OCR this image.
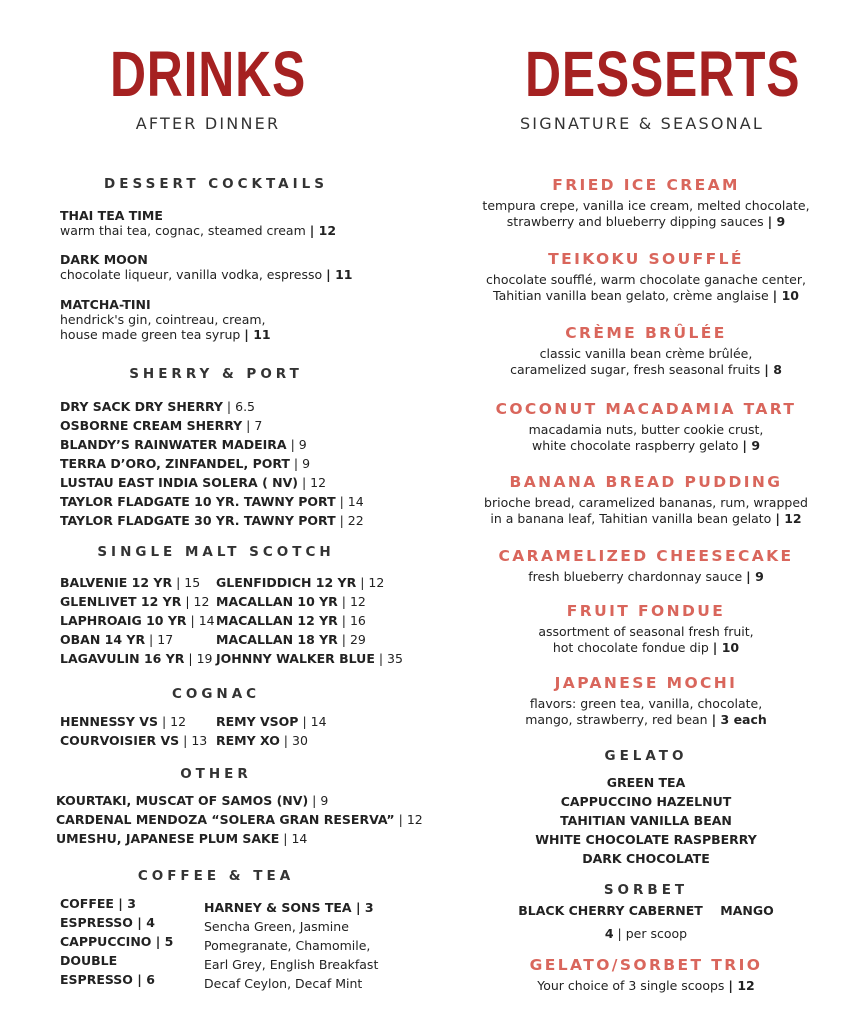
DRINKS
AFTER DINNER
DESSERT COCKTAILS
THAI TEA TIME
warm thai tea, cognac, steamed cream | 12
DARK MOON
chocolate liqueur, vanilla vodka, espresso | 11
MATCHA-TINI
hendrick's gin, cointreau, cream,
house made green tea syrup | 11
SHERRY & PORT
DRY SACK DRY SHERRY | 6.5
OSBORNE CREAM SHERRY | 7
BLANDY’S RAINWATER MADEIRA | 9
TERRA D’ORO, ZINFANDEL, PORT | 9
LUSTAU EAST INDIA SOLERA ( NV) | 12
TAYLOR FLADGATE 10 YR. TAWNY PORT | 14
TAYLOR FLADGATE 30 YR. TAWNY PORT | 22
SINGLE MALT SCOTCH
BALVENIE 12 YR | 15
GLENLIVET 12 YR | 12
LAPHROAIG 10 YR | 14
OBAN 14 YR | 17
LAGAVULIN 16 YR | 19
GLENFIDDICH 12 YR | 12
MACALLAN 10 YR | 12
MACALLAN 12 YR | 16
MACALLAN 18 YR | 29
JOHNNY WALKER BLUE | 35
COGNAC
HENNESSY VS | 12
COURVOISIER VS | 13
REMY VSOP | 14
REMY XO | 30
OTHER
KOURTAKI, MUSCAT OF SAMOS (NV) | 9
CARDENAL MENDOZA “SOLERA GRAN RESERVA” | 12
UMESHU, JAPANESE PLUM SAKE | 14
COFFEE & TEA
COFFEE | 3
ESPRESSO | 4
CAPPUCCINO | 5
DOUBLE
ESPRESSO | 6
HARNEY & SONS TEA | 3
Sencha Green, Jasmine
Pomegranate, Chamomile,
Earl Grey, English Breakfast
Decaf Ceylon, Decaf Mint
DESSERTS
SIGNATURE & SEASONAL
FRIED ICE CREAM
tempura crepe, vanilla ice cream, melted chocolate,
strawberry and blueberry dipping sauces | 9
TEIKOKU SOUFFLÉ
chocolate soufflé, warm chocolate ganache center,
Tahitian vanilla bean gelato, crème anglaise | 10
CRÈME BRÛLÉE
classic vanilla bean crème brûlée,
caramelized sugar, fresh seasonal fruits | 8
COCONUT MACADAMIA TART
macadamia nuts, butter cookie crust,
white chocolate raspberry gelato | 9
BANANA BREAD PUDDING
brioche bread, caramelized bananas, rum, wrapped
in a banana leaf, Tahitian vanilla bean gelato | 12
CARAMELIZED CHEESECAKE
fresh blueberry chardonnay sauce | 9
FRUIT FONDUE
assortment of seasonal fresh fruit,
hot chocolate fondue dip | 10
JAPANESE MOCHI
flavors: green tea, vanilla, chocolate,
mango, strawberry, red bean | 3 each
GELATO
GREEN TEA
CAPPUCCINO HAZELNUT
TAHITIAN VANILLA BEAN
WHITE CHOCOLATE RASPBERRY
DARK CHOCOLATE
SORBET
BLACK CHERRY CABERNET MANGO
4 | per scoop
GELATO/SORBET TRIO
Your choice of 3 single scoops | 12
